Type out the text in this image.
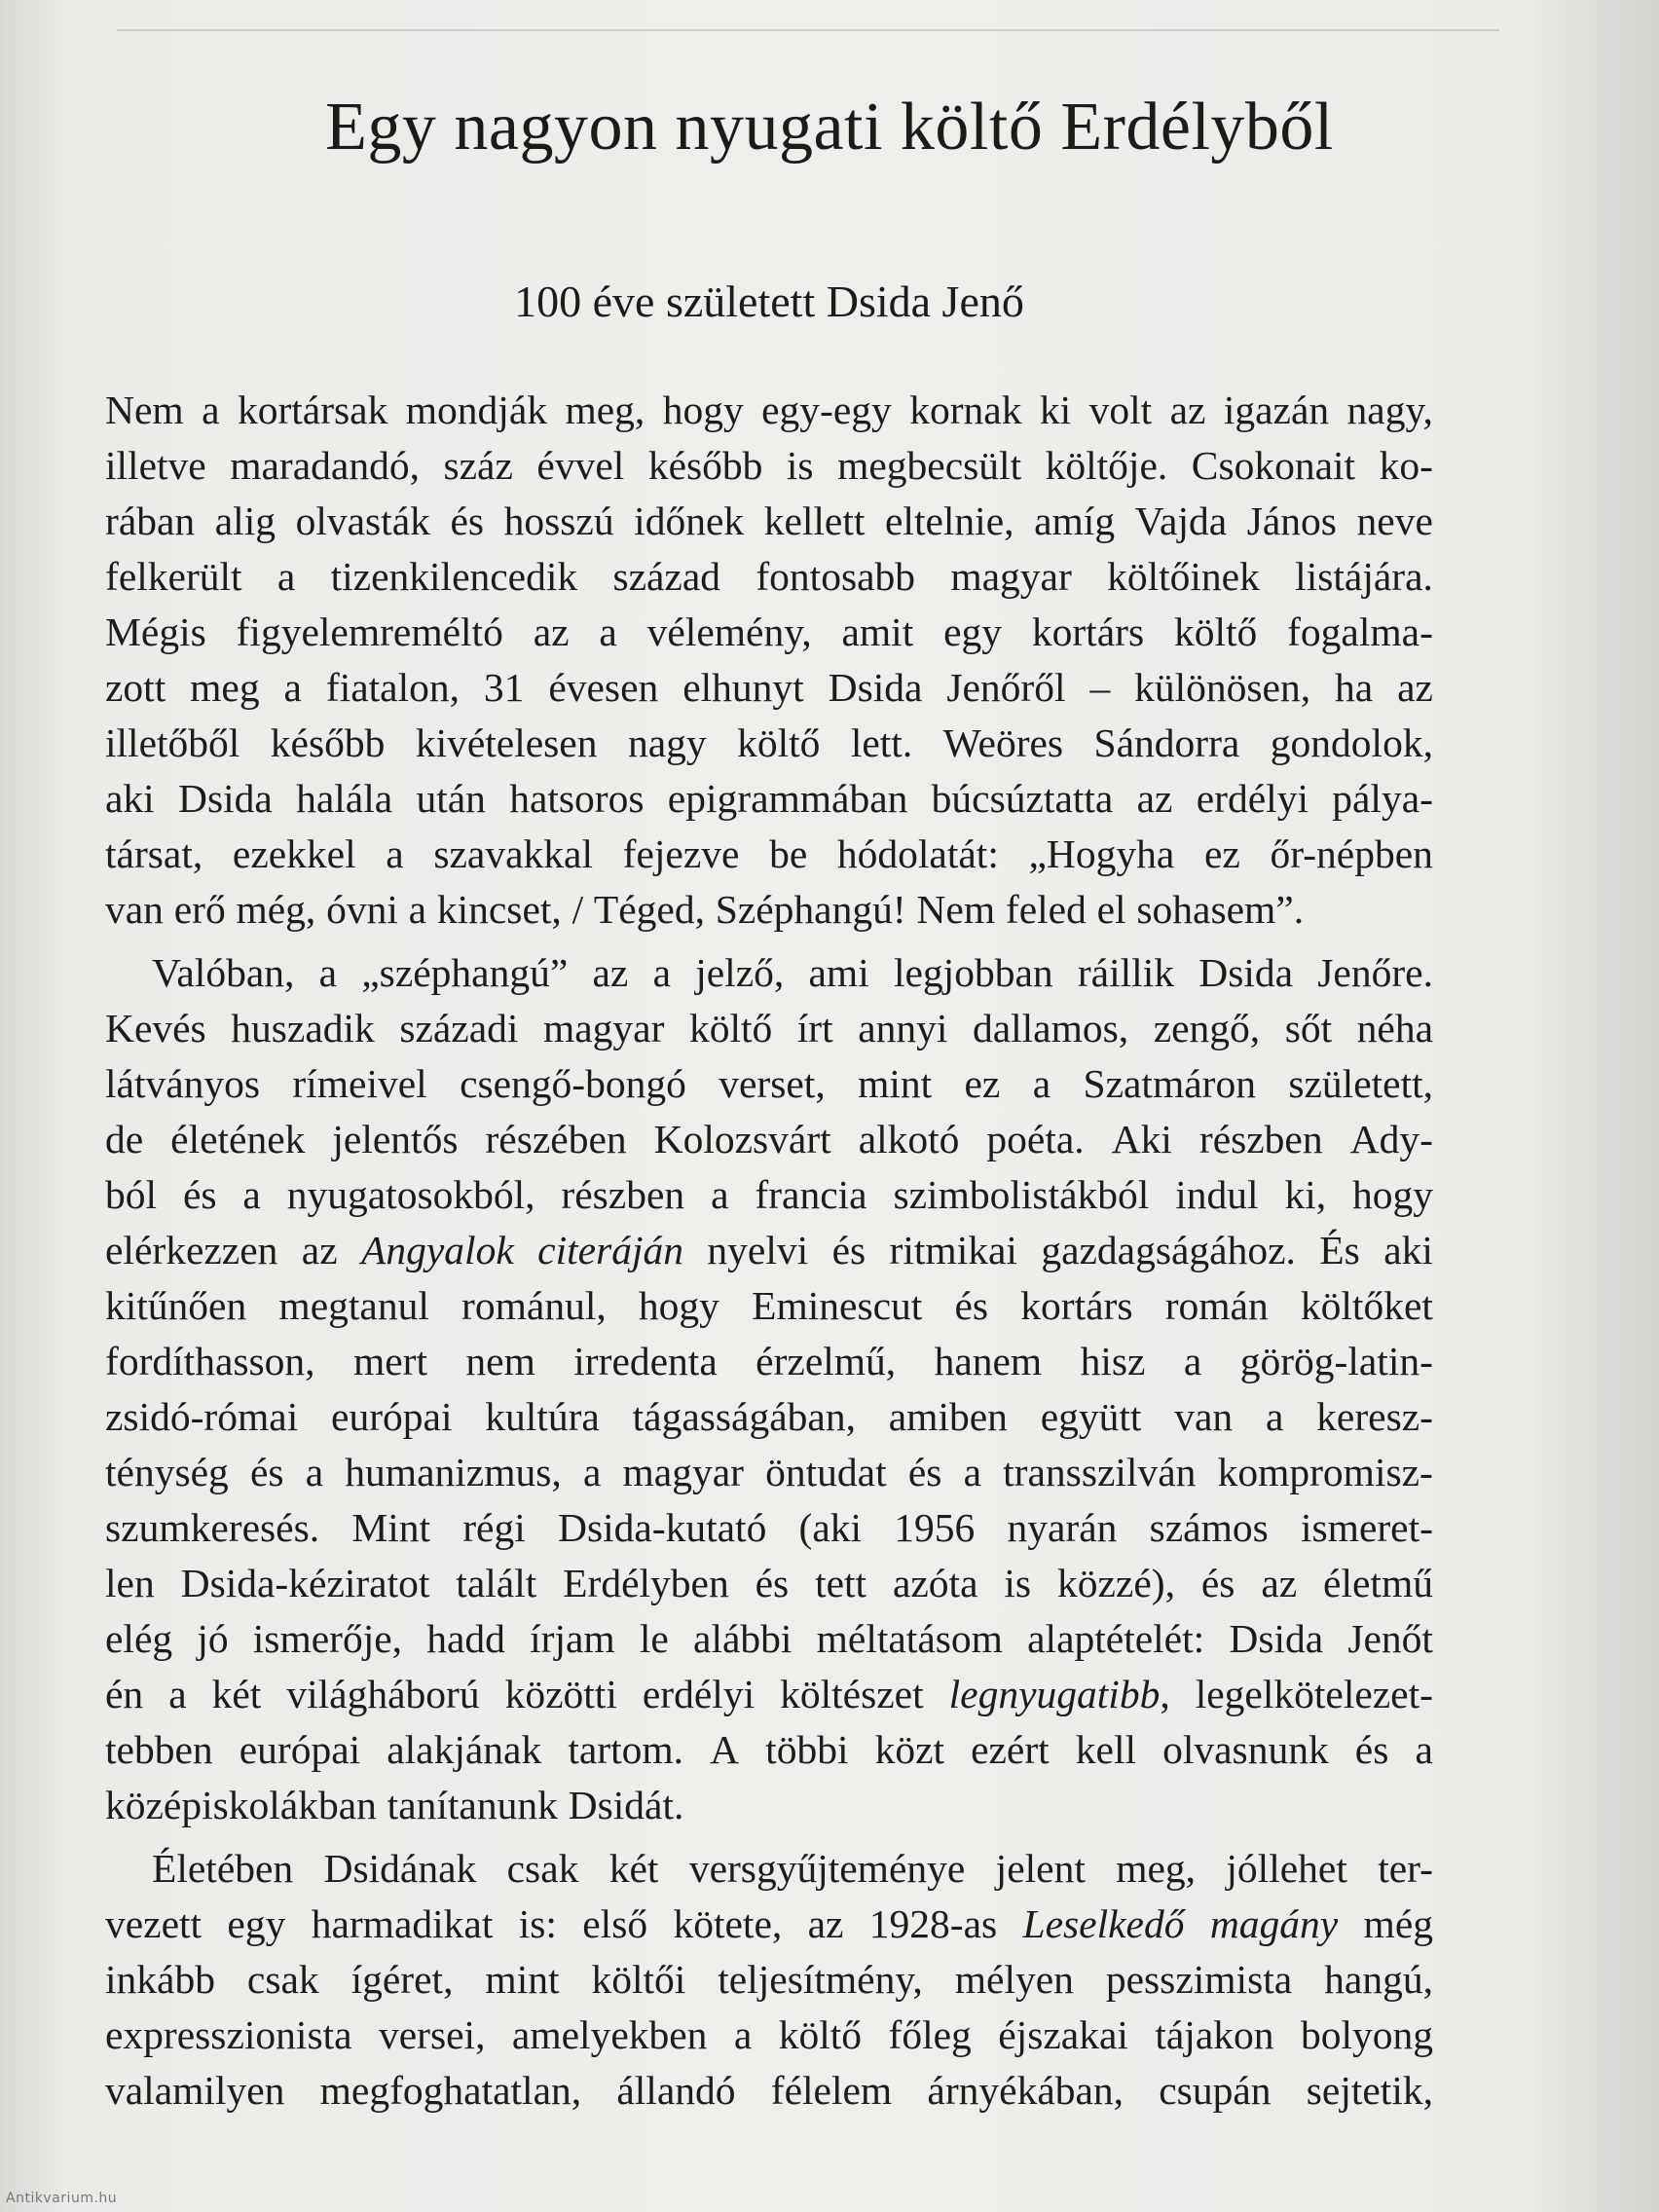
Egy nagyon nyugati költő Erdélyből
100 éve született Dsida Jenő
Nem a kortársak mondják meg, hogy egy-egy kornak ki volt az igazán nagy,
illetve maradandó, száz évvel később is megbecsült költője. Csokonait ko-
rában alig olvasták és hosszú időnek kellett eltelnie, amíg Vajda János neve
felkerült a tizenkilencedik század fontosabb magyar költőinek listájára.
Mégis figyelemreméltó az a vélemény, amit egy kortárs költő fogalma-
zott meg a fiatalon, 31 évesen elhunyt Dsida Jenőről – különösen, ha az
illetőből később kivételesen nagy költő lett. Weöres Sándorra gondolok,
aki Dsida halála után hatsoros epigrammában búcsúztatta az erdélyi pálya-
társat, ezekkel a szavakkal fejezve be hódolatát: „Hogyha ez őr-népben
van erő még, óvni a kincset, / Téged, Széphangú! Nem feled el sohasem”.
Valóban, a „széphangú” az a jelző, ami legjobban ráillik Dsida Jenőre.
Kevés huszadik századi magyar költő írt annyi dallamos, zengő, sőt néha
látványos rímeivel csengő-bongó verset, mint ez a Szatmáron született,
de életének jelentős részében Kolozsvárt alkotó poéta. Aki részben Ady-
ból és a nyugatosokból, részben a francia szimbolistákból indul ki, hogy
elérkezzen az Angyalok citeráján nyelvi és ritmikai gazdagságához. És aki
kitűnően megtanul románul, hogy Eminescut és kortárs román költőket
fordíthasson, mert nem irredenta érzelmű, hanem hisz a görög-latin-
zsidó-római európai kultúra tágasságában, amiben együtt van a keresz-
ténység és a humanizmus, a magyar öntudat és a transszilván kompromisz-
szumkeresés. Mint régi Dsida-kutató (aki 1956 nyarán számos ismeret-
len Dsida-kéziratot talált Erdélyben és tett azóta is közzé), és az életmű
elég jó ismerője, hadd írjam le alábbi méltatásom alaptételét: Dsida Jenőt
én a két világháború közötti erdélyi költészet legnyugatibb, legelkötelezet-
tebben európai alakjának tartom. A többi közt ezért kell olvasnunk és a
középiskolákban tanítanunk Dsidát.
Életében Dsidának csak két versgyűjteménye jelent meg, jóllehet ter-
vezett egy harmadikat is: első kötete, az 1928-as Leselkedő magány még
inkább csak ígéret, mint költői teljesítmény, mélyen pesszimista hangú,
expresszionista versei, amelyekben a költő főleg éjszakai tájakon bolyong
valamilyen megfoghatatlan, állandó félelem árnyékában, csupán sejtetik,
Antikvarium.hu
